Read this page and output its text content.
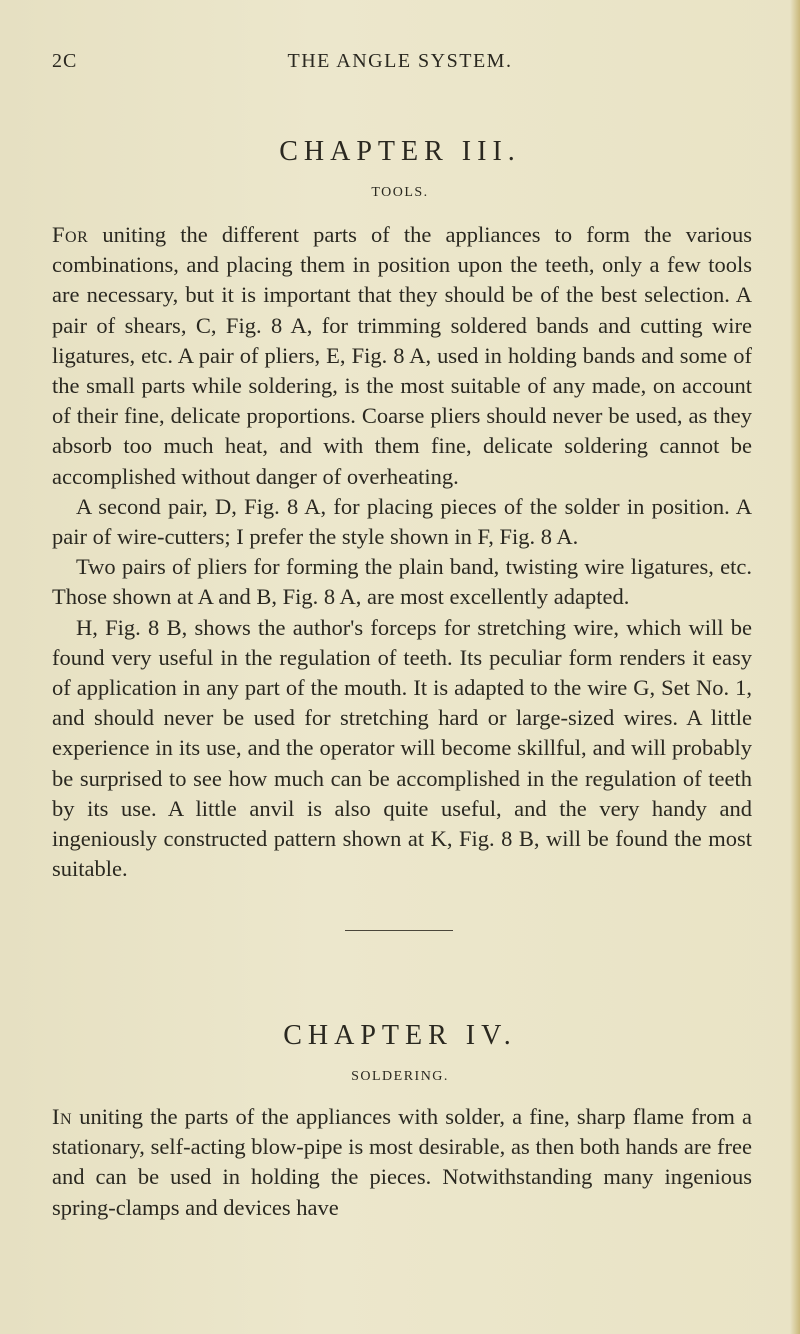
2C	THE ANGLE SYSTEM.
CHAPTER III.
TOOLS.

For uniting the different parts of the appliances to form the various combinations, and placing them in position upon the teeth, only a few tools are necessary, but it is important that they should be of the best selection. A pair of shears, C, Fig. 8 A, for trimming soldered bands and cutting wire ligatures, etc. A pair of pliers, E, Fig. 8 A, used in holding bands and some of the small parts while soldering, is the most suitable of any made, on account of their fine, delicate proportions. Coarse pliers should never be used, as they absorb too much heat, and with them fine, delicate soldering cannot be accomplished without danger of overheating.

A second pair, D, Fig. 8 A, for placing pieces of the solder in position. A pair of wire-cutters; I prefer the style shown in F, Fig. 8 A.

Two pairs of pliers for forming the plain band, twisting wire ligatures, etc. Those shown at A and B, Fig. 8 A, are most excellently adapted.

H, Fig. 8 B, shows the author's forceps for stretching wire, which will be found very useful in the regulation of teeth. Its peculiar form renders it easy of application in any part of the mouth. It is adapted to the wire G, Set No. 1, and should never be used for stretching hard or large-sized wires. A little experience in its use, and the operator will become skillful, and will probably be surprised to see how much can be accomplished in the regulation of teeth by its use. A little anvil is also quite useful, and the very handy and ingeniously constructed pattern shown at K, Fig. 8 B, will be found the most suitable.

CHAPTER IV.
SOLDERING.

In uniting the parts of the appliances with solder, a fine, sharp flame from a stationary, self-acting blow-pipe is most desirable, as then both hands are free and can be used in holding the pieces. Notwithstanding many ingenious spring-clamps and devices have
